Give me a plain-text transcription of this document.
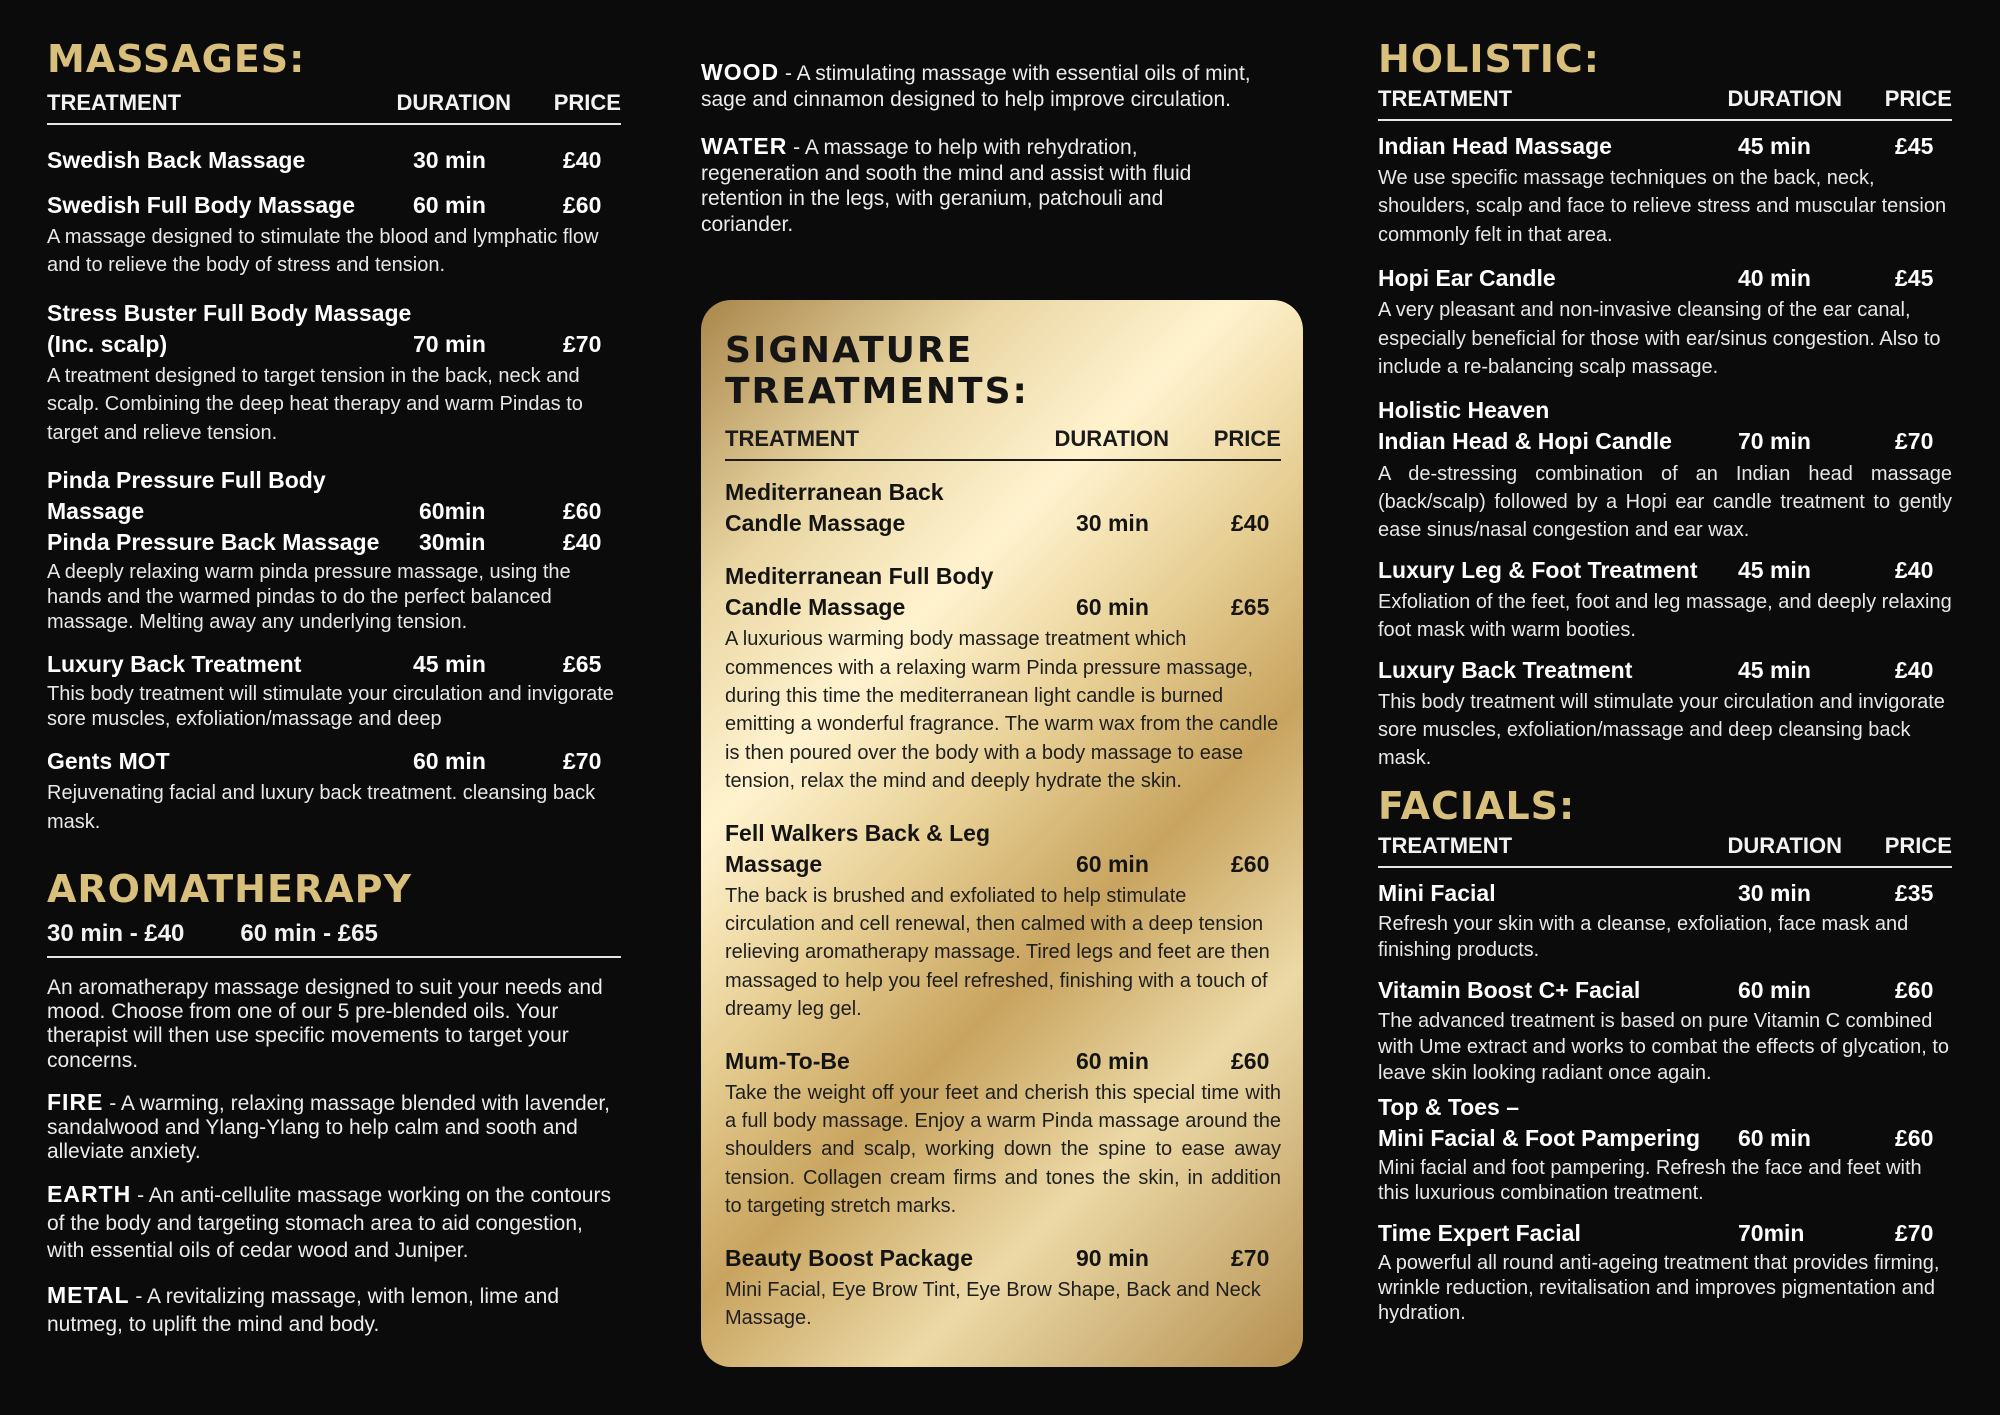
MASSAGES:
TREATMENT	DURATION	PRICE
Swedish Back Massage	30 min	£40
Swedish Full Body Massage	60 min	£60
A massage designed to stimulate the blood and lymphatic flow and to relieve the body of stress and tension.
Stress Buster Full Body Massage
(Inc. scalp)	70 min	£70
A treatment designed to target tension in the back, neck and scalp. Combining the deep heat therapy and warm Pindas to target and relieve tension.
Pinda Pressure Full Body Massage	60min	£60
Pinda Pressure Back Massage	30min	£40
A deeply relaxing warm pinda pressure massage, using the hands and the warmed pindas to do the perfect balanced massage. Melting away any underlying tension.
Luxury Back Treatment	45 min	£65
This body treatment will stimulate your circulation and invigorate sore muscles, exfoliation/massage and deep
Gents MOT	60 min	£70
Rejuvenating facial and luxury back treatment. cleansing back mask.
AROMATHERAPY
30 min - £40 60 min - £65
An aromatherapy massage designed to suit your needs and mood. Choose from one of our 5 pre-blended oils. Your therapist will then use specific movements to target your concerns.
FIRE - A warming, relaxing massage blended with lavender, sandalwood and Ylang-Ylang to help calm and sooth and alleviate anxiety.
EARTH - An anti-cellulite massage working on the contours of the body and targeting stomach area to aid congestion, with essential oils of cedar wood and Juniper.
METAL - A revitalizing massage, with lemon, lime and nutmeg, to uplift the mind and body.
WOOD - A stimulating massage with essential oils of mint, sage and cinnamon designed to help improve circulation.
WATER - A massage to help with rehydration, regeneration and sooth the mind and assist with fluid retention in the legs, with geranium, patchouli and coriander.
SIGNATURE TREATMENTS:
TREATMENT	DURATION	PRICE
Mediterranean Back
Candle Massage	30 min	£40
Mediterranean Full Body
Candle Massage	60 min	£65
A luxurious warming body massage treatment which commences with a relaxing warm Pinda pressure massage, during this time the mediterranean light candle is burned emitting a wonderful fragrance. The warm wax from the candle is then poured over the body with a body massage to ease tension, relax the mind and deeply hydrate the skin.
Fell Walkers Back & Leg
Massage	60 min	£60
The back is brushed and exfoliated to help stimulate circulation and cell renewal, then calmed with a deep tension relieving aromatherapy massage. Tired legs and feet are then massaged to help you feel refreshed, finishing with a touch of dreamy leg gel.
Mum-To-Be	60 min	£60
Take the weight off your feet and cherish this special time with a full body massage. Enjoy a warm Pinda massage around the shoulders and scalp, working down the spine to ease away tension. Collagen cream firms and tones the skin, in addition to targeting stretch marks.
Beauty Boost Package	90 min	£70
Mini Facial, Eye Brow Tint, Eye Brow Shape, Back and Neck Massage.
HOLISTIC:
TREATMENT	DURATION	PRICE
Indian Head Massage	45 min	£45
We use specific massage techniques on the back, neck, shoulders, scalp and face to relieve stress and muscular tension commonly felt in that area.
Hopi Ear Candle	40 min	£45
A very pleasant and non-invasive cleansing of the ear canal, especially beneficial for those with ear/sinus congestion. Also to include a re-balancing scalp massage.
Holistic Heaven
Indian Head & Hopi Candle	70 min	£70
A de-stressing combination of an Indian head massage (back/scalp) followed by a Hopi ear candle treatment to gently ease sinus/nasal congestion and ear wax.
Luxury Leg & Foot Treatment	45 min	£40
Exfoliation of the feet, foot and leg massage, and deeply relaxing foot mask with warm booties.
Luxury Back Treatment	45 min	£40
This body treatment will stimulate your circulation and invigorate sore muscles, exfoliation/massage and deep cleansing back mask.
FACIALS:
TREATMENT	DURATION	PRICE
Mini Facial	30 min	£35
Refresh your skin with a cleanse, exfoliation, face mask and finishing products.
Vitamin Boost C+ Facial	60 min	£60
The advanced treatment is based on pure Vitamin C combined with Ume extract and works to combat the effects of glycation, to leave skin looking radiant once again.
Top & Toes –
Mini Facial & Foot Pampering	60 min	£60
Mini facial and foot pampering. Refresh the face and feet with this luxurious combination treatment.
Time Expert Facial	70min	£70
A powerful all round anti-ageing treatment that provides firming, wrinkle reduction, revitalisation and improves pigmentation and hydration.
